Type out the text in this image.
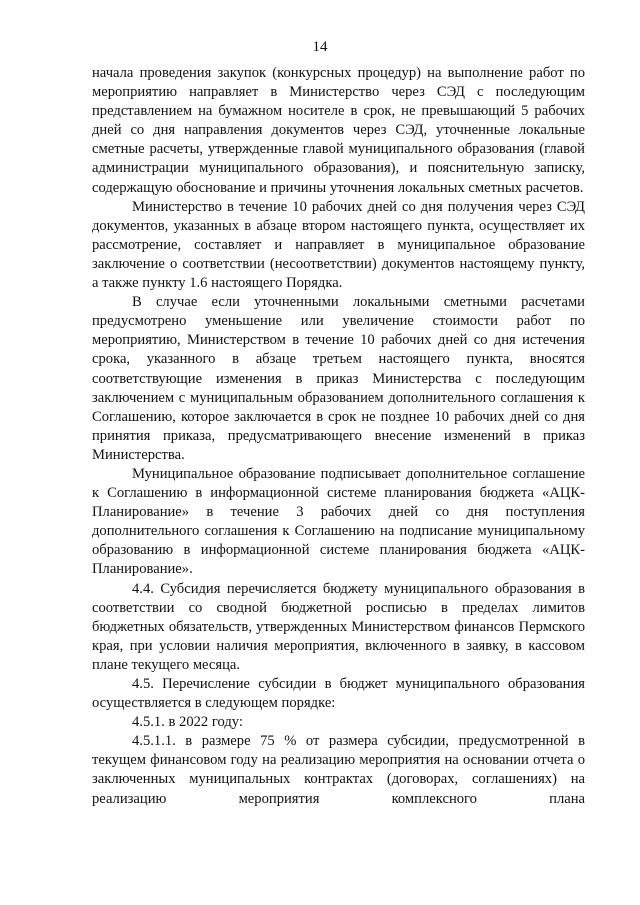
14

начала проведения закупок (конкурсных процедур) на выполнение работ по мероприятию направляет в Министерство через СЭД с последующим представлением на бумажном носителе в срок, не превышающий 5 рабочих дней со дня направления документов через СЭД, уточненные локальные сметные расчеты, утвержденные главой муниципального образования (главой администрации муниципального образования), и пояснительную записку, содержащую обоснование и причины уточнения локальных сметных расчетов.

Министерство в течение 10 рабочих дней со дня получения через СЭД документов, указанных в абзаце втором настоящего пункта, осуществляет их рассмотрение, составляет и направляет в муниципальное образование заключение о соответствии (несоответствии) документов настоящему пункту, а также пункту 1.6 настоящего Порядка.

В случае если уточненными локальными сметными расчетами предусмотрено уменьшение или увеличение стоимости работ по мероприятию, Министерством в течение 10 рабочих дней со дня истечения срока, указанного в абзаце третьем настоящего пункта, вносятся соответствующие изменения в приказ Министерства с последующим заключением с муниципальным образованием дополнительного соглашения к Соглашению, которое заключается в срок не позднее 10 рабочих дней со дня принятия приказа, предусматривающего внесение изменений в приказ Министерства.

Муниципальное образование подписывает дополнительное соглашение к Соглашению в информационной системе планирования бюджета «АЦК-Планирование» в течение 3 рабочих дней со дня поступления дополнительного соглашения к Соглашению на подписание муниципальному образованию в информационной системе планирования бюджета «АЦК-Планирование».

4.4. Субсидия перечисляется бюджету муниципального образования в соответствии со сводной бюджетной росписью в пределах лимитов бюджетных обязательств, утвержденных Министерством финансов Пермского края, при условии наличия мероприятия, включенного в заявку, в кассовом плане текущего месяца.

4.5. Перечисление субсидии в бюджет муниципального образования осуществляется в следующем порядке:

4.5.1. в 2022 году:

4.5.1.1. в размере 75 % от размера субсидии, предусмотренной в текущем финансовом году на реализацию мероприятия на основании отчета о заключенных муниципальных контрактах (договорах, соглашениях) на реализацию мероприятия комплексного плана
